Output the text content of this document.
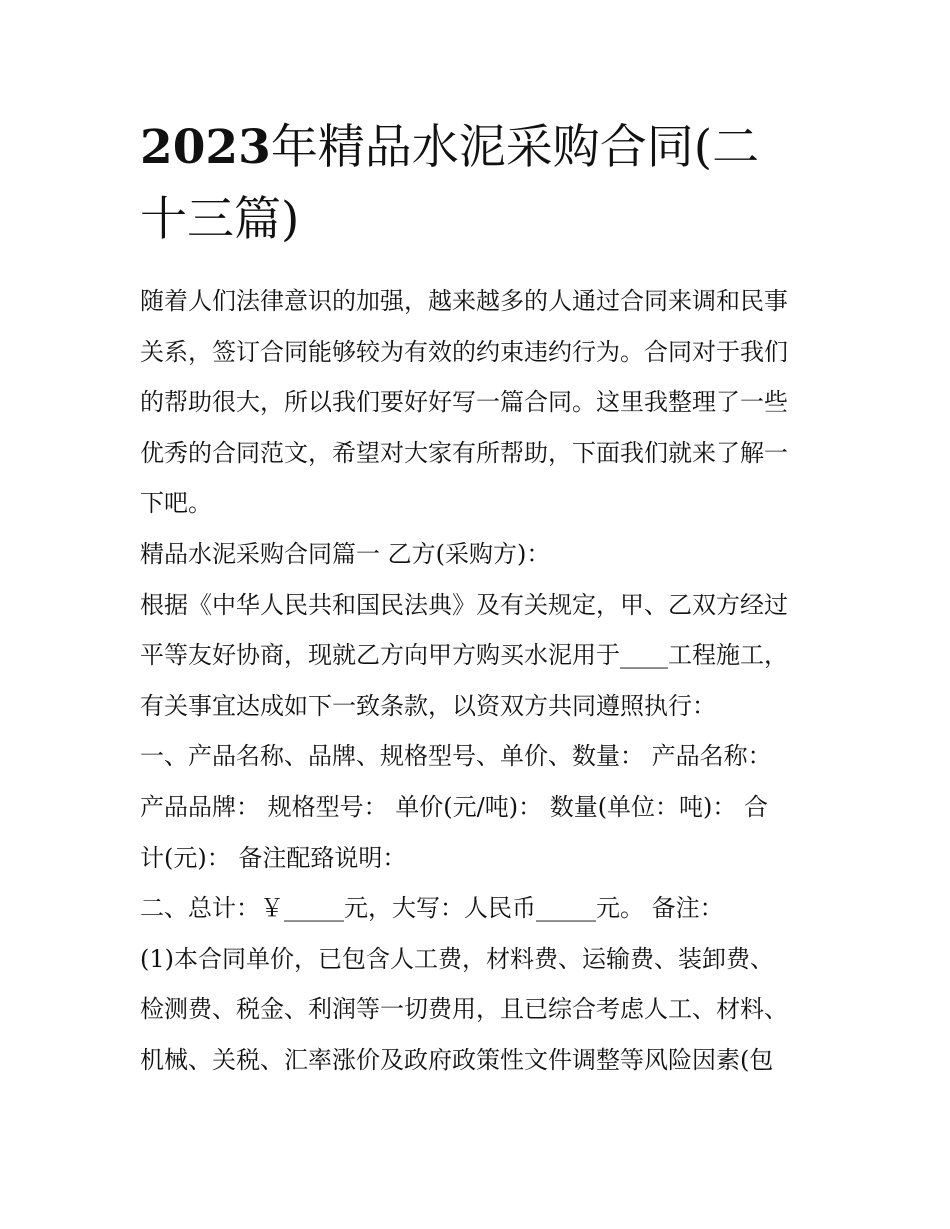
2023年精品水泥采购合同(二
十三篇)

随着人们法律意识的加强，越来越多的人通过合同来调和民事
关系，签订合同能够较为有效的约束违约行为。合同对于我们
的帮助很大，所以我们要好好写一篇合同。这里我整理了一些
优秀的合同范文，希望对大家有所帮助，下面我们就来了解一
下吧。

精品水泥采购合同篇一 乙方(采购方)：

根据《中华人民共和国民法典》及有关规定，甲、乙双方经过
平等友好协商，现就乙方向甲方购买水泥用于____工程施工，
有关事宜达成如下一致条款，以资双方共同遵照执行：

一、产品名称、品牌、规格型号、单价、数量： 产品名称：
产品品牌： 规格型号： 单价(元/吨)： 数量(单位：吨)： 合
计(元)： 备注配臵说明：

二、总计：￥_____元，大写：人民币_____元。 备注：

(1)本合同单价，已包含人工费，材料费、运输费、装卸费、
检测费、税金、利润等一切费用，且已综合考虑人工、材料、
机械、关税、汇率涨价及政府政策性文件调整等风险因素(包
